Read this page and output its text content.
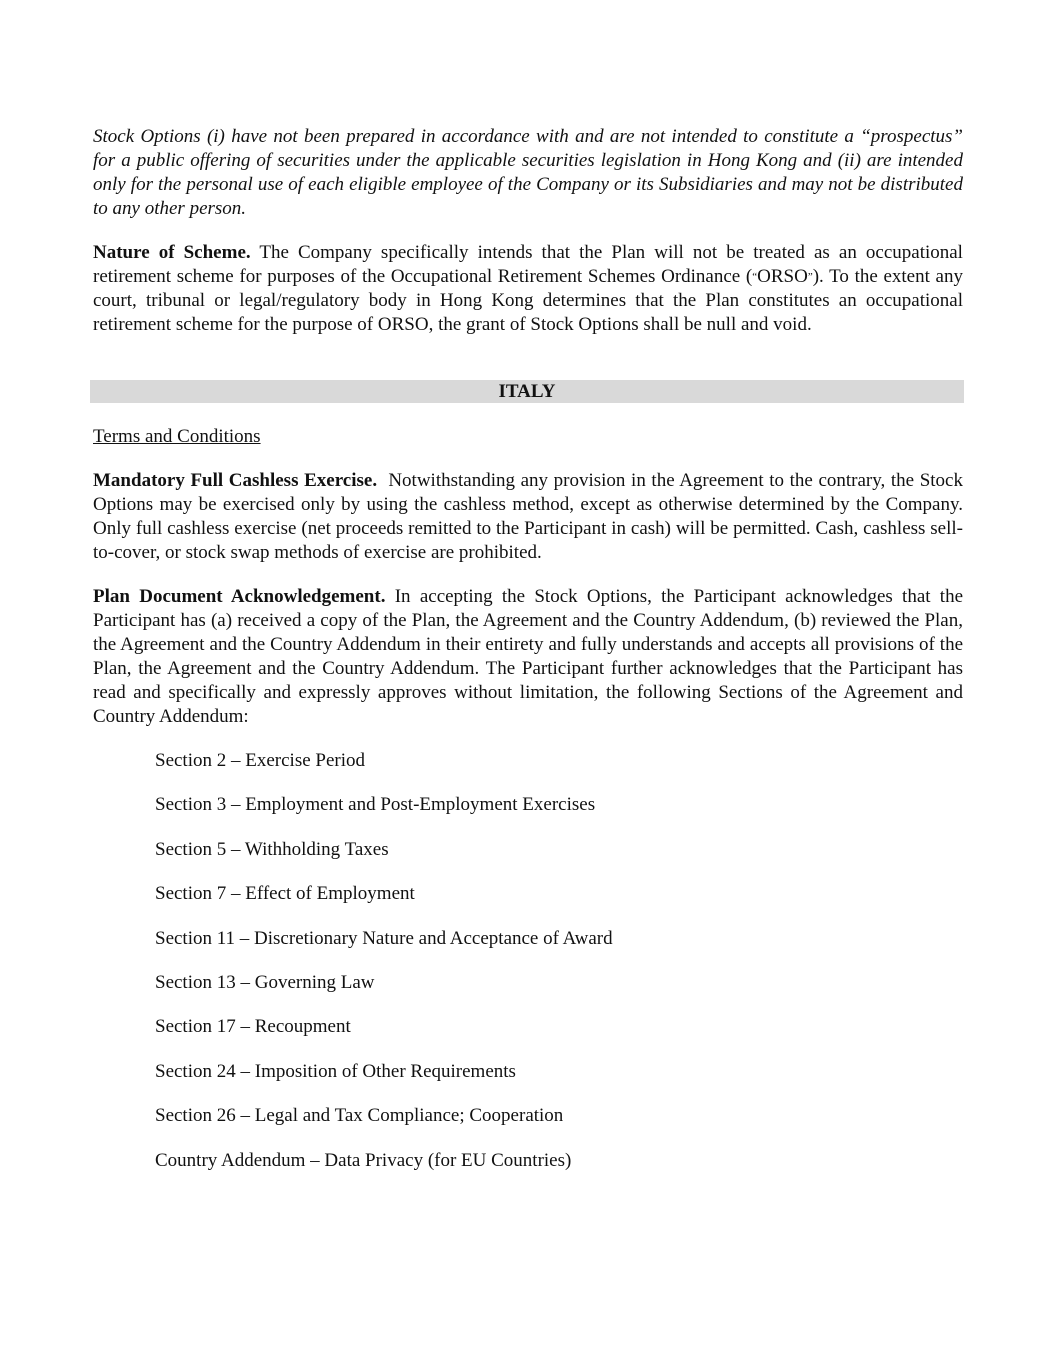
Stock Options (i) have not been prepared in accordance with and are not intended to constitute a “prospectus” for a public offering of securities under the applicable securities legislation in Hong Kong and (ii) are intended only for the personal use of each eligible employee of the Company or its Subsidiaries and may not be distributed to any other person.

Nature of Scheme. The Company specifically intends that the Plan will not be treated as an occupational retirement scheme for purposes of the Occupational Retirement Schemes Ordinance (“ORSO”). To the extent any court, tribunal or legal/regulatory body in Hong Kong determines that the Plan constitutes an occupational retirement scheme for the purpose of ORSO, the grant of Stock Options shall be null and void.

ITALY

Terms and Conditions

Mandatory Full Cashless Exercise. Notwithstanding any provision in the Agreement to the contrary, the Stock Options may be exercised only by using the cashless method, except as otherwise determined by the Company. Only full cashless exercise (net proceeds remitted to the Participant in cash) will be permitted. Cash, cashless sell-to-cover, or stock swap methods of exercise are prohibited.

Plan Document Acknowledgement. In accepting the Stock Options, the Participant acknowledges that the Participant has (a) received a copy of the Plan, the Agreement and the Country Addendum, (b) reviewed the Plan, the Agreement and the Country Addendum in their entirety and fully understands and accepts all provisions of the Plan, the Agreement and the Country Addendum. The Participant further acknowledges that the Participant has read and specifically and expressly approves without limitation, the following Sections of the Agreement and Country Addendum:

Section 2 – Exercise Period
Section 3 – Employment and Post-Employment Exercises
Section 5 – Withholding Taxes
Section 7 – Effect of Employment
Section 11 – Discretionary Nature and Acceptance of Award
Section 13 – Governing Law
Section 17 – Recoupment
Section 24 – Imposition of Other Requirements
Section 26 – Legal and Tax Compliance; Cooperation
Country Addendum – Data Privacy (for EU Countries)
